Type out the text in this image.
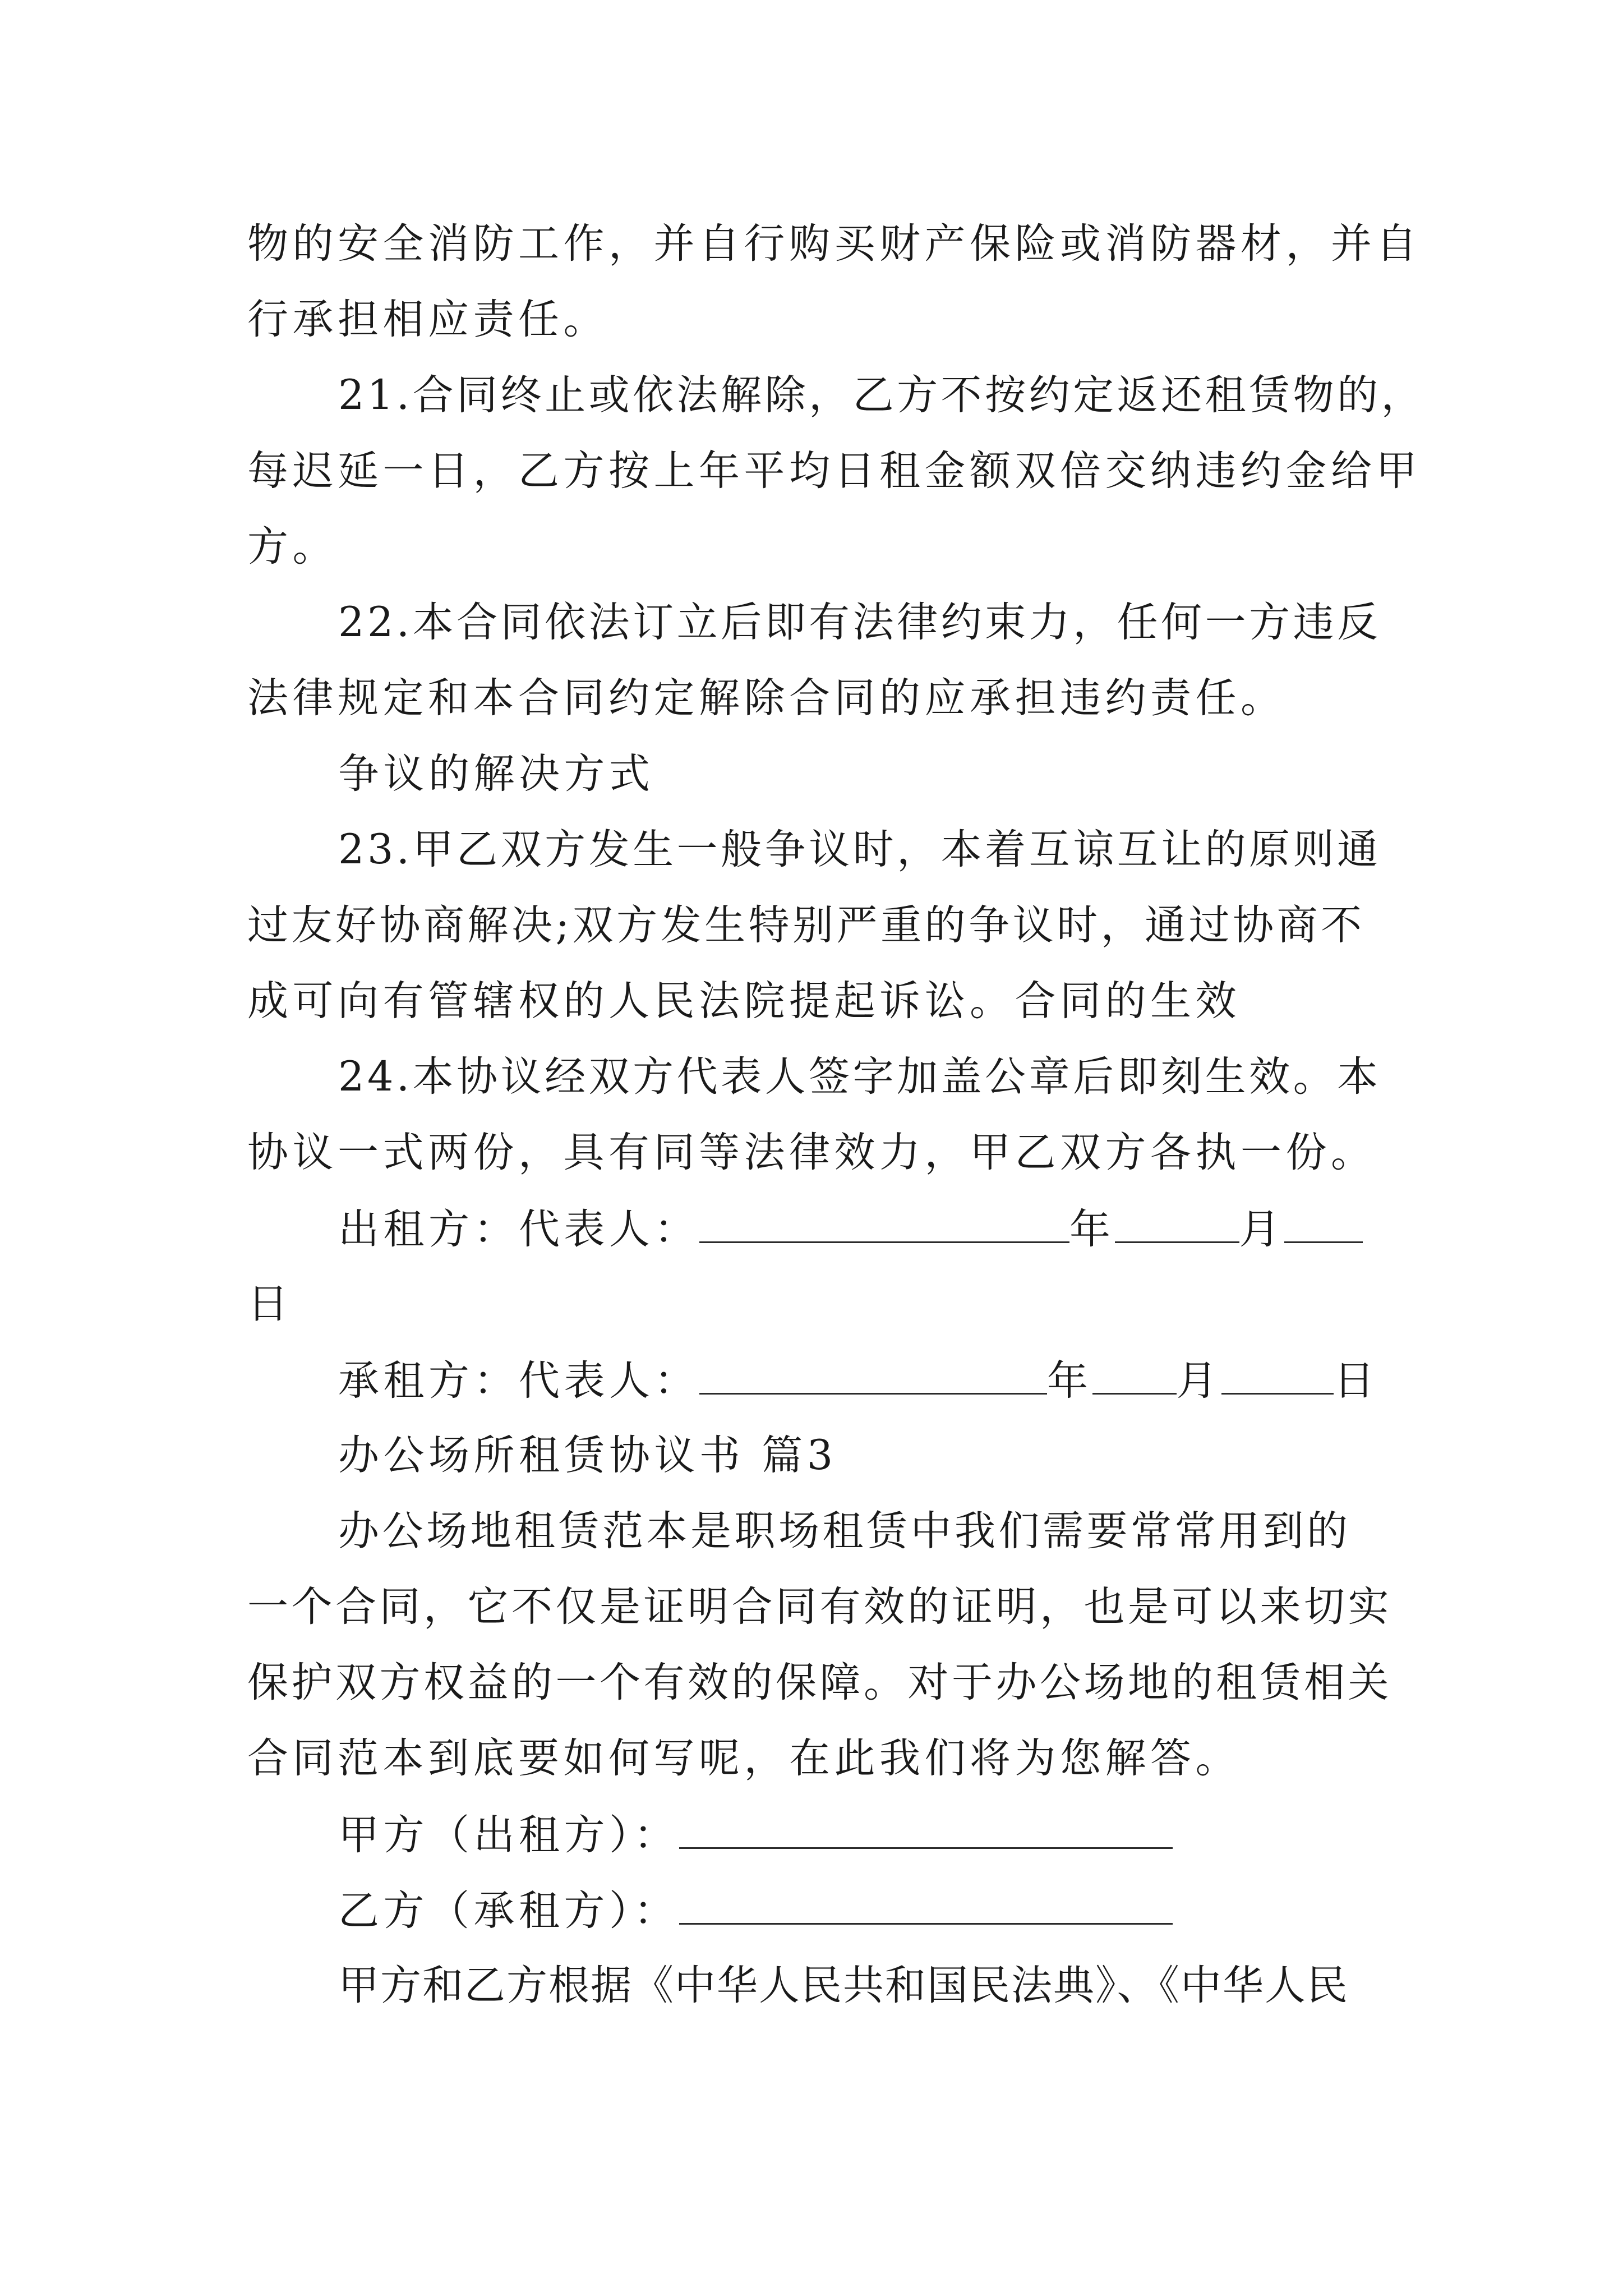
物的安全消防工作，并自行购买财产保险或消防器材，并自
行承担相应责任。
21.合同终止或依法解除，乙方不按约定返还租赁物的，
每迟延一日，乙方按上年平均日租金额双倍交纳违约金给甲
方。
22.本合同依法订立后即有法律约束力，任何一方违反
法律规定和本合同约定解除合同的应承担违约责任。
争议的解决方式
23.甲乙双方发生一般争议时，本着互谅互让的原则通
过友好协商解决;双方发生特别严重的争议时，通过协商不
成可向有管辖权的人民法院提起诉讼。合同的生效
24.本协议经双方代表人签字加盖公章后即刻生效。本
协议一式两份，具有同等法律效力，甲乙双方各执一份。
出租方：代表人：	年	月
日
承租方：代表人：	年 月	日
办公场所租赁协议书 篇3
办公场地租赁范本是职场租赁中我们需要常常用到的
一个合同，它不仅是证明合同有效的证明，也是可以来切实
保护双方权益的一个有效的保障。对于办公场地的租赁相关
合同范本到底要如何写呢，在此我们将为您解答。
甲方（出租方）：
乙方（承租方）：
甲方和乙方根据《中华人民共和国民法典》、《中华人民
